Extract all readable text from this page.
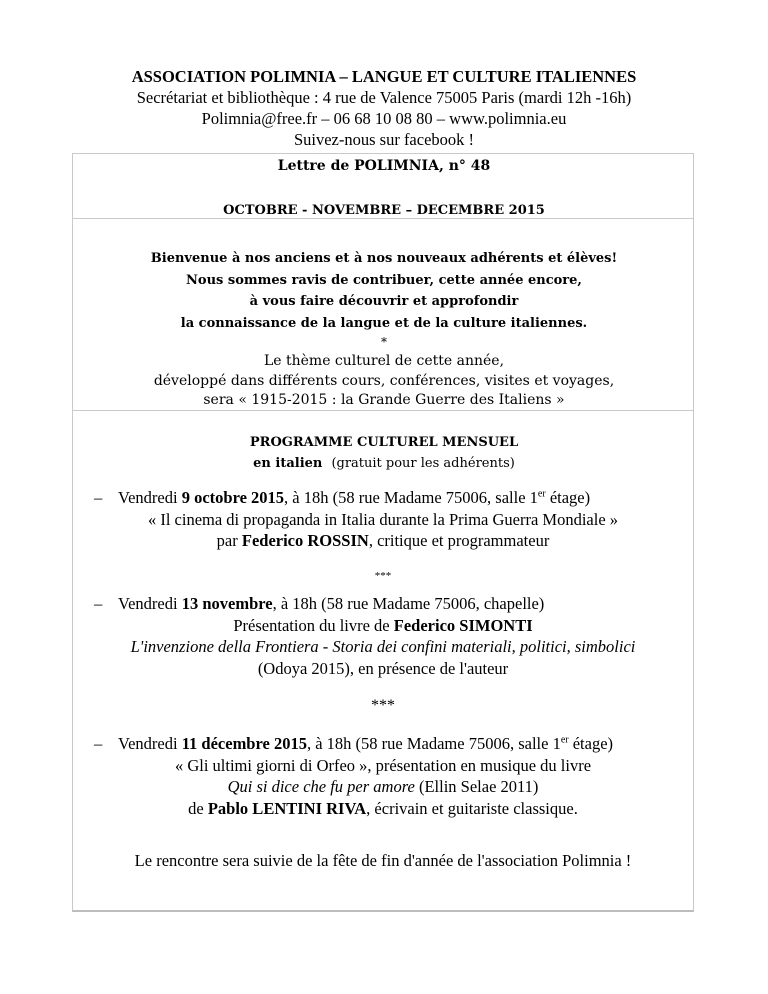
ASSOCIATION POLIMNIA – LANGUE ET CULTURE ITALIENNES
Secrétariat et bibliothèque : 4 rue de Valence 75005 Paris (mardi 12h -16h)
Polimnia@free.fr – 06 68 10 08 80 – www.polimnia.eu
Suivez-nous sur facebook !
Lettre de POLIMNIA, n° 48
OCTOBRE - NOVEMBRE – DECEMBRE 2015
Bienvenue à nos anciens et à nos nouveaux adhérents et élèves!
Nous sommes ravis de contribuer, cette année encore,
à vous faire découvrir et approfondir
la connaissance de la langue et de la culture italiennes.
*
Le thème culturel de cette année,
développé dans différents cours, conférences, visites et voyages,
sera « 1915-2015 : la Grande Guerre des Italiens »
PROGRAMME CULTUREL MENSUEL
en italien (gratuit pour les adhérents)
– Vendredi 9 octobre 2015, à 18h (58 rue Madame 75006, salle 1er étage)
« Il cinema di propaganda in Italia durante la Prima Guerra Mondiale »
par Federico ROSSIN, critique et programmateur
***
– Vendredi 13 novembre, à 18h (58 rue Madame 75006, chapelle)
Présentation du livre de Federico SIMONTI
L'invenzione della Frontiera - Storia dei confini materiali, politici, simbolici
(Odoya 2015), en présence de l'auteur
***
– Vendredi 11 décembre 2015, à 18h (58 rue Madame 75006, salle 1er étage)
« Gli ultimi giorni di Orfeo », présentation en musique du livre
Qui si dice che fu per amore (Ellin Selae 2011)
de Pablo LENTINI RIVA, écrivain et guitariste classique.
Le rencontre sera suivie de la fête de fin d'année de l'association Polimnia !
